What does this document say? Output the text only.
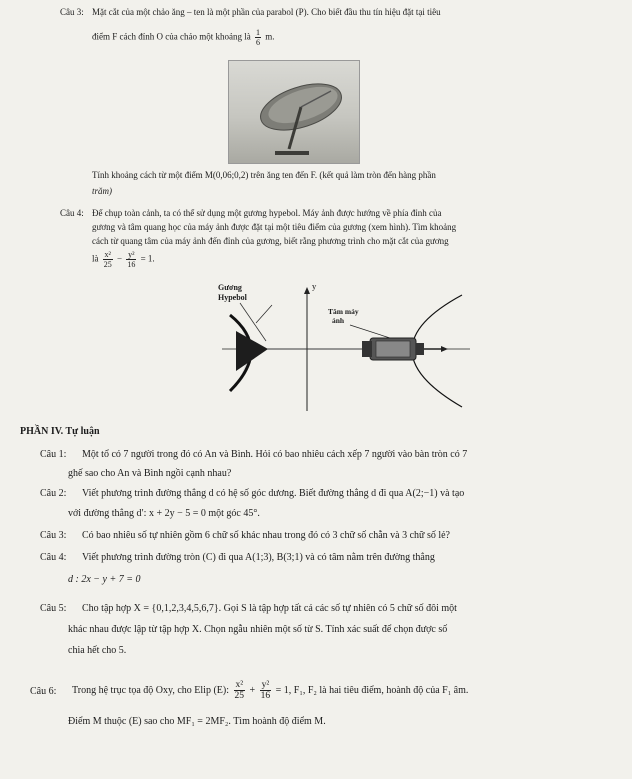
Câu 3: Mặt cắt của một chảo ăng – ten là một phần của parabol (P). Cho biết đầu thu tín hiệu đặt tại tiêu
điểm F cách đỉnh O của chảo một khoảng là $\frac{1}{6} m$.
Tính khoảng cách từ một điểm M(0,06;0,2) trên ăng ten đến F. (kết quả làm tròn đến hàng phần
trăm)
Câu 4: Để chụp toàn cảnh, ta có thể sử dụng một gương hypebol. Máy ảnh được hướng về phía đỉnh của
gương và tâm quang học của máy ảnh được đặt tại một tiêu điểm của gương (xem hình). Tìm khoảng
cách từ quang tâm của máy ảnh đến đỉnh của gương, biết rằng phương trình cho mặt cắt của gương
là $\frac{\text{x²}}{25} - \frac{\text{y²}}{16} = 1$.
Gương
Hypebol
y
Tâm máy
ảnh
PHẦN IV. Tự luận
Câu 1: Một tổ có 7 người trong đó có An và Bình. Hỏi có bao nhiêu cách xếp 7 người vào bàn tròn có 7
ghế sao cho An và Bình ngồi cạnh nhau?
Câu 2: Viết phương trình đường thẳng d có hệ số góc dương. Biết đường thẳng d đi qua A(2;−1) và tạo
với đường thẳng d′: x + 2y − 5 = 0 một góc 45°.
Câu 3: Có bao nhiêu số tự nhiên gồm 6 chữ số khác nhau trong đó có 3 chữ số chẵn và 3 chữ số lẻ?
Câu 4: Viết phương trình đường tròn (C) đi qua A(1;3), B(3;1) và có tâm nằm trên đường thẳng
d : 2x − y + 7 = 0
Câu 5: Cho tập hợp X = {0,1,2,3,4,5,6,7}. Gọi S là tập hợp tất cả các số tự nhiên có 5 chữ số đôi một
khác nhau được lập từ tập hợp X. Chọn ngẫu nhiên một số từ S. Tính xác suất để chọn được số
chia hết cho 5.
Câu 6: Trong hệ trục tọa độ Oxy, cho Elip (E): $\frac{\text{x²}}{25} + \frac{\text{y²}}{16} = 1$, F₁, F₂ là hai tiêu điểm, hoành độ của F₁ âm.
Điểm M thuộc (E) sao cho MF₁ = 2MF₂. Tìm hoành độ điểm M.
